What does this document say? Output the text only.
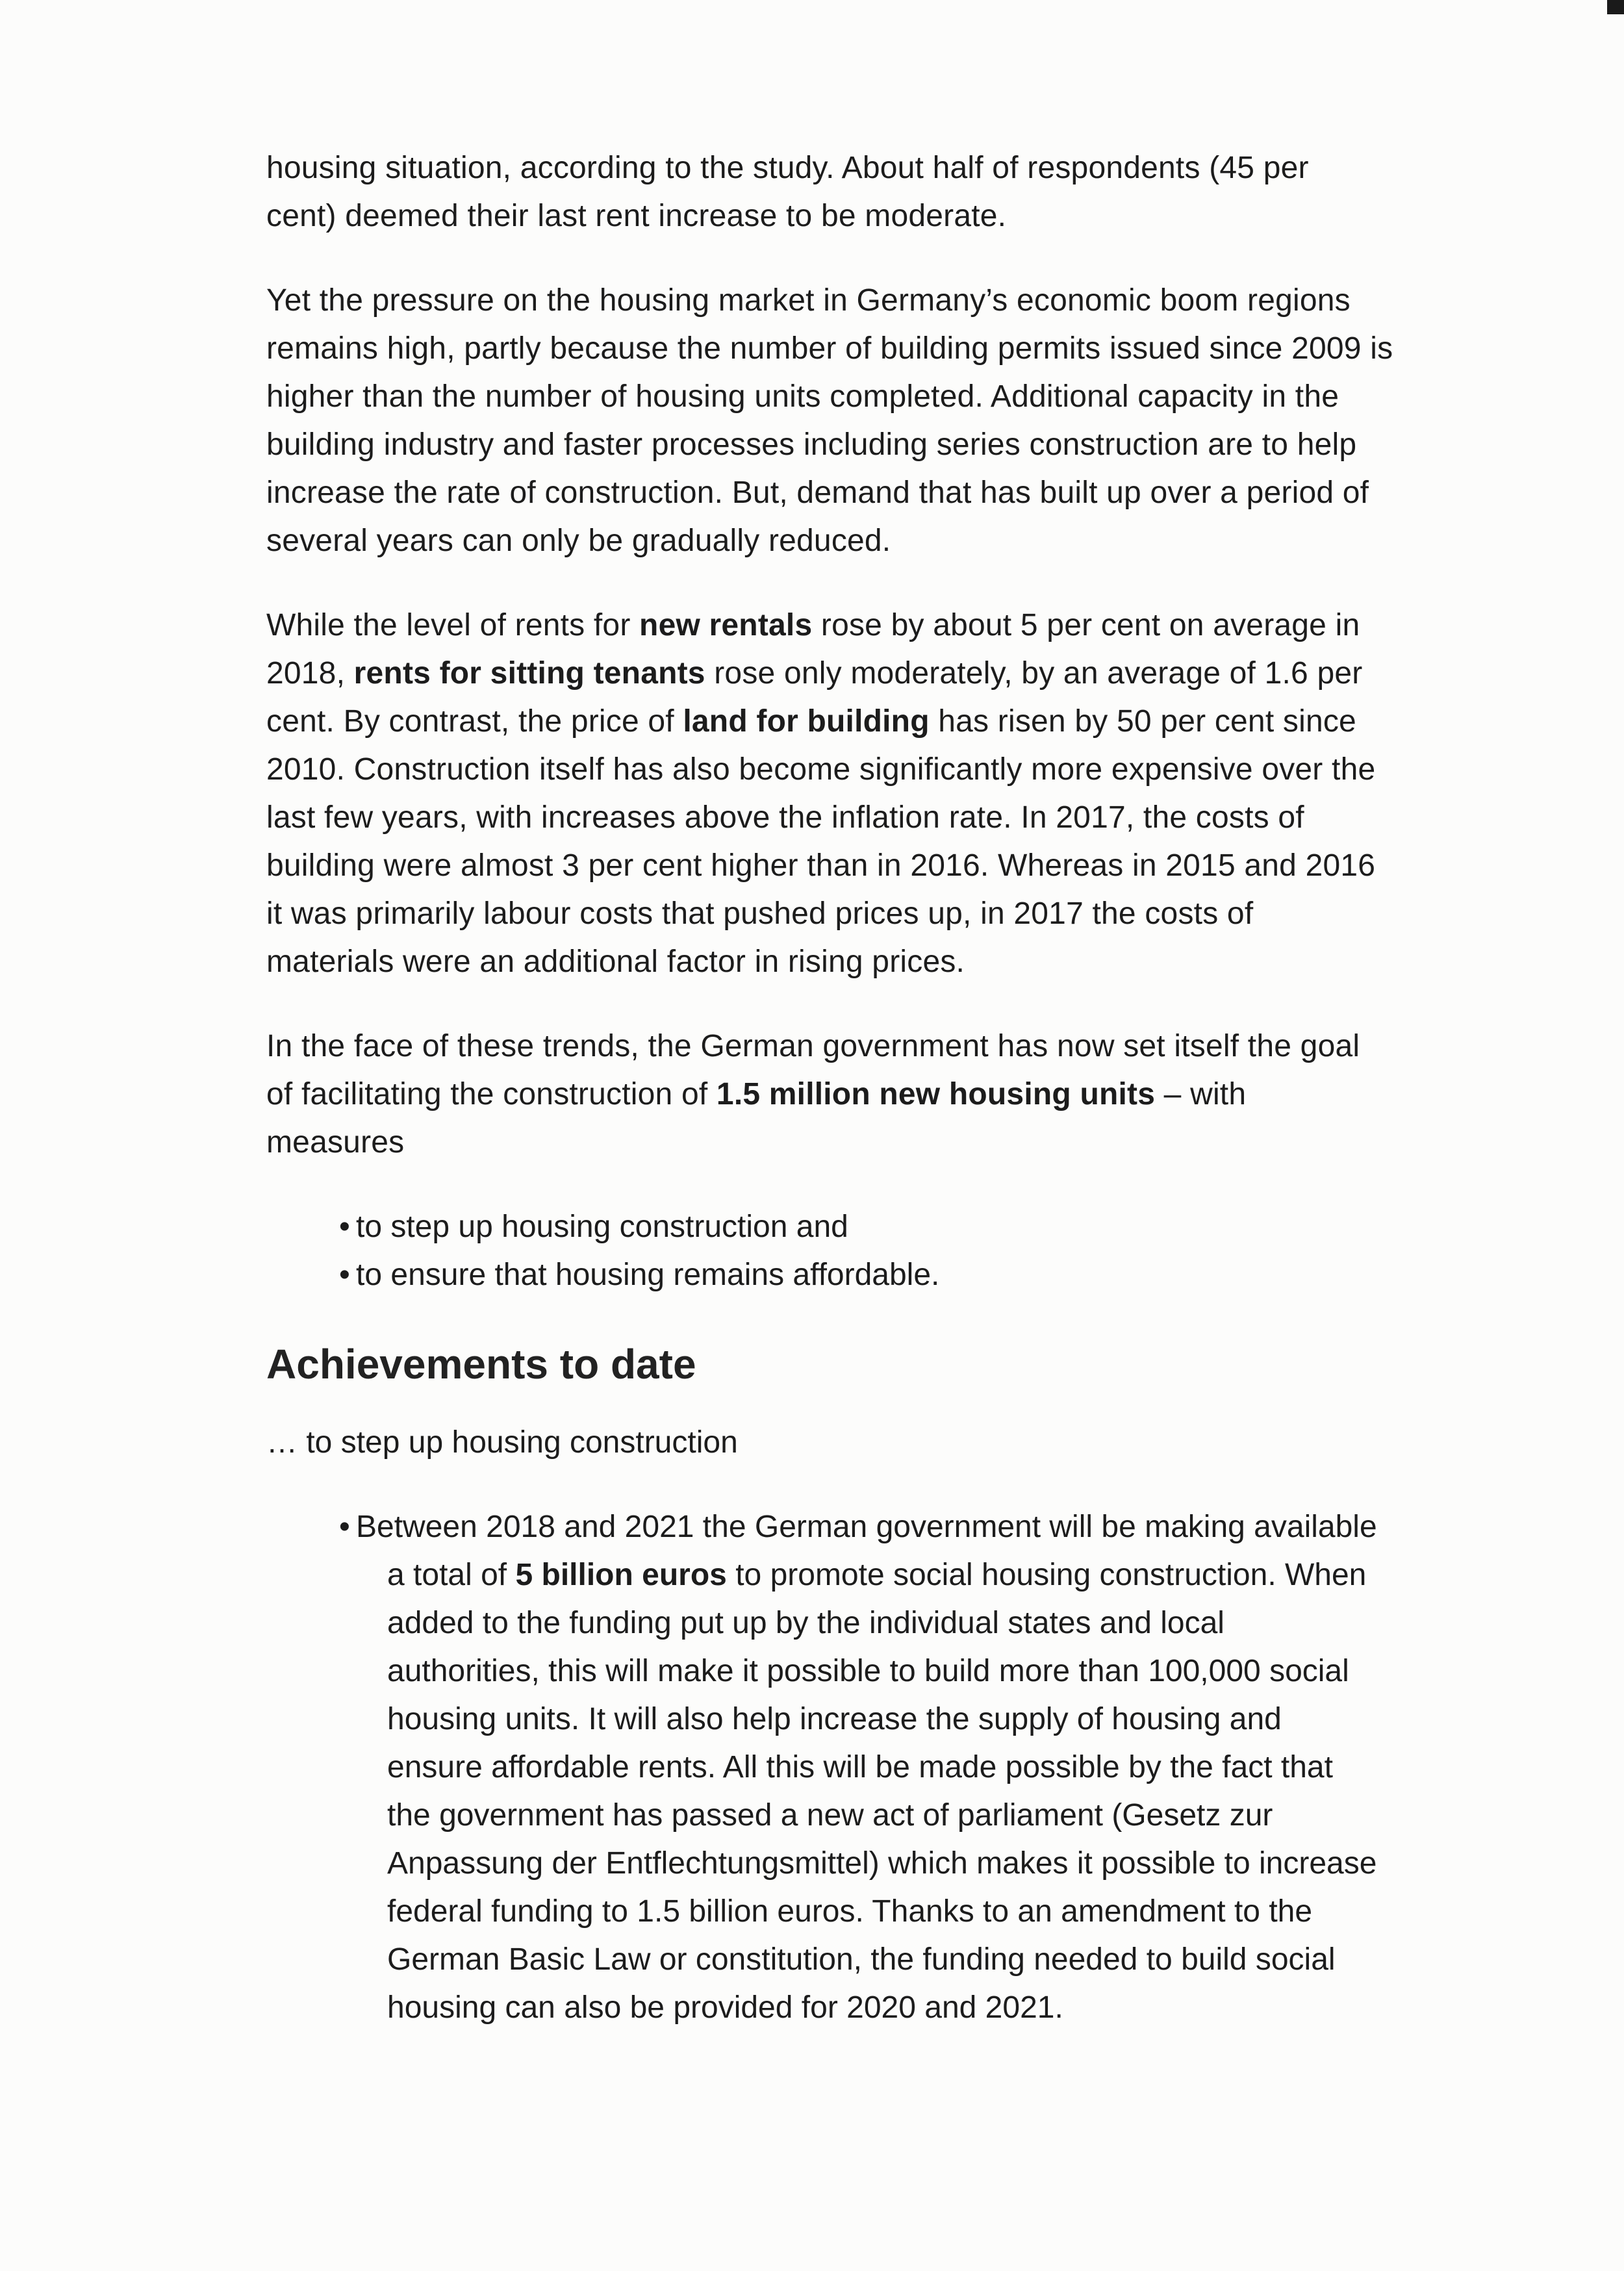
housing situation, according to the study. About half of respondents (45 per
cent) deemed their last rent increase to be moderate.

Yet the pressure on the housing market in Germany’s economic boom regions
remains high, partly because the number of building permits issued since 2009 is
higher than the number of housing units completed. Additional capacity in the
building industry and faster processes including series construction are to help
increase the rate of construction. But, demand that has built up over a period of
several years can only be gradually reduced.

While the level of rents for new rentals rose by about 5 per cent on average in
2018, rents for sitting tenants rose only moderately, by an average of 1.6 per
cent. By contrast, the price of land for building has risen by 50 per cent since
2010. Construction itself has also become significantly more expensive over the
last few years, with increases above the inflation rate. In 2017, the costs of
building were almost 3 per cent higher than in 2016. Whereas in 2015 and 2016
it was primarily labour costs that pushed prices up, in 2017 the costs of
materials were an additional factor in rising prices.

In the face of these trends, the German government has now set itself the goal
of facilitating the construction of 1.5 million new housing units – with
measures

• to step up housing construction and
• to ensure that housing remains affordable.
Achievements to date
… to step up housing construction
• Between 2018 and 2021 the German government will be making available
a total of 5 billion euros to promote social housing construction. When
added to the funding put up by the individual states and local
authorities, this will make it possible to build more than 100,000 social
housing units. It will also help increase the supply of housing and
ensure affordable rents. All this will be made possible by the fact that
the government has passed a new act of parliament (Gesetz zur
Anpassung der Entflechtungsmittel) which makes it possible to increase
federal funding to 1.5 billion euros. Thanks to an amendment to the
German Basic Law or constitution, the funding needed to build social
housing can also be provided for 2020 and 2021.
